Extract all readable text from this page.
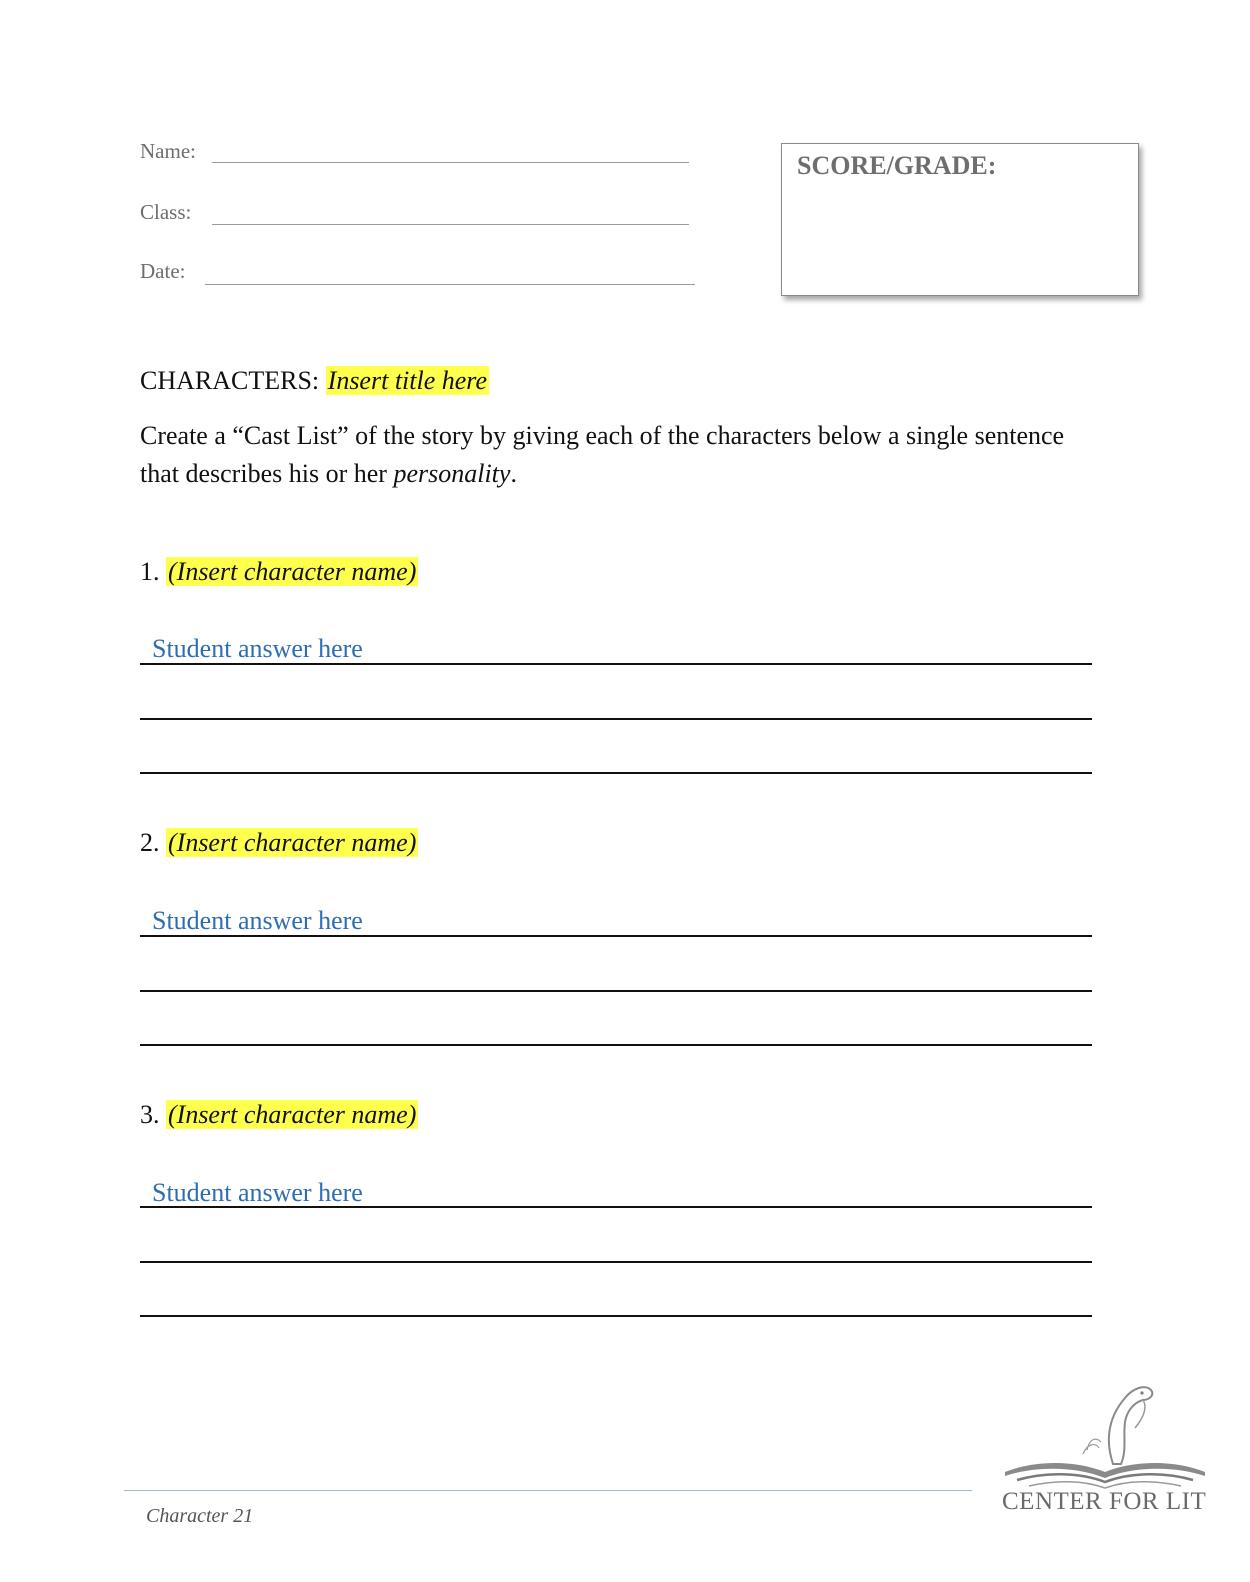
Name:
Class:
Date:
SCORE/GRADE:
CHARACTERS: Insert title here
Create a “Cast List” of the story by giving each of the characters below a single sentence that describes his or her personality.
1. (Insert character name)
Student answer here
2. (Insert character name)
Student answer here
3. (Insert character name)
Student answer here
Character 21
CENTER FOR LIT
